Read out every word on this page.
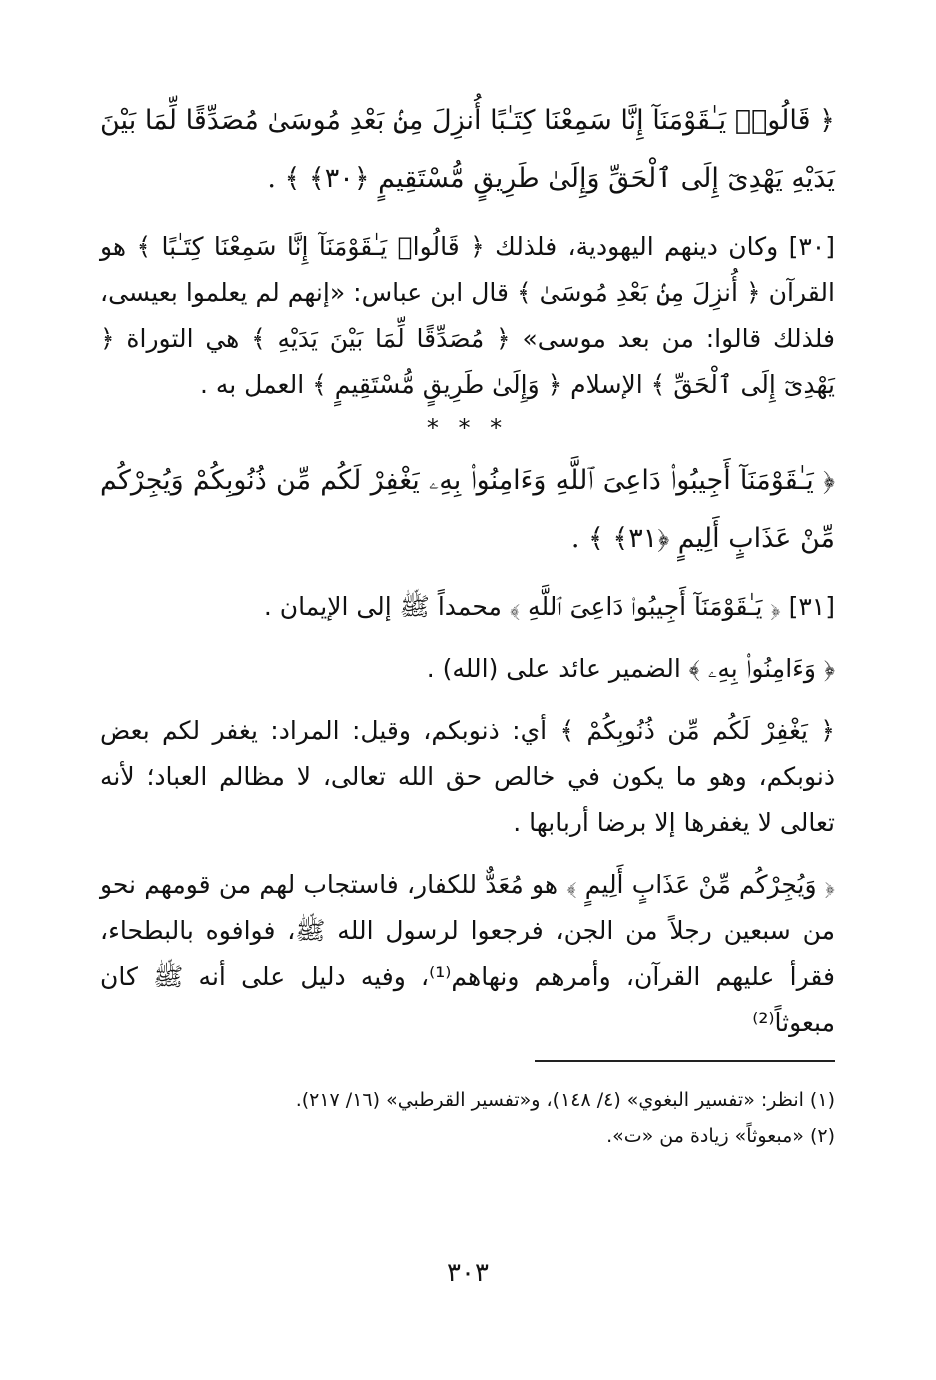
﴿ قَالُوا۟ يَـٰقَوْمَنَآ إِنَّا سَمِعْنَا كِتَـٰبًا أُنزِلَ مِنۢ بَعْدِ مُوسَىٰ مُصَدِّقًا لِّمَا بَيْنَ يَدَيْهِ يَهْدِىٓ إِلَى ٱلْحَقِّ وَإِلَىٰ طَرِيقٍ مُّسْتَقِيمٍ ﴿٣٠﴾ ﴾ .

[٣٠] وكان دينهم اليهودية، فلذلك ﴿ قَالُوا۟ يَـٰقَوْمَنَآ إِنَّا سَمِعْنَا كِتَـٰبًا ﴾ هو القرآن ﴿ أُنزِلَ مِنۢ بَعْدِ مُوسَىٰ ﴾ قال ابن عباس: «إنهم لم يعلموا بعيسى، فلذلك قالوا: من بعد موسى» ﴿ مُصَدِّقًا لِّمَا بَيْنَ يَدَيْهِ ﴾ هي التوراة ﴿ يَهْدِىٓ إِلَى ٱلْحَقِّ ﴾ الإسلام ﴿ وَإِلَىٰ طَرِيقٍ مُّسْتَقِيمٍ ﴾ العمل به .

* * *

﴿ يَـٰقَوْمَنَآ أَجِيبُوا۟ دَاعِىَ ٱللَّهِ وَءَامِنُوا۟ بِهِۦ يَغْفِرْ لَكُم مِّن ذُنُوبِكُمْ وَيُجِرْكُم مِّنْ عَذَابٍ أَلِيمٍ ﴿٣١﴾ ﴾ .

[٣١] ﴿ يَـٰقَوْمَنَآ أَجِيبُوا۟ دَاعِىَ ٱللَّهِ ﴾ محمداً ﷺ إلى الإيمان .

﴿ وَءَامِنُوا۟ بِهِۦ ﴾ الضمير عائد على (الله) .

﴿ يَغْفِرْ لَكُم مِّن ذُنُوبِكُمْ ﴾ أي: ذنوبكم، وقيل: المراد: يغفر لكم بعض ذنوبكم، وهو ما يكون في خالص حق الله تعالى، لا مظالم العباد؛ لأنه تعالى لا يغفرها إلا برضا أربابها .

﴿ وَيُجِرْكُم مِّنْ عَذَابٍ أَلِيمٍ ﴾ هو مُعَدٌّ للكفار، فاستجاب لهم من قومهم نحو من سبعين رجلاً من الجن، فرجعوا لرسول الله ﷺ، فوافوه بالبطحاء، فقرأ عليهم القرآن، وأمرهم ونهاهم⁽¹⁾، وفيه دليل على أنه ﷺ كان مبعوثاً⁽²⁾

(١) انظر: «تفسير البغوي» (٤/ ١٤٨)، و«تفسير القرطبي» (١٦/ ٢١٧).
(٢) «مبعوثاً» زيادة من «ت».
٣٠٣
